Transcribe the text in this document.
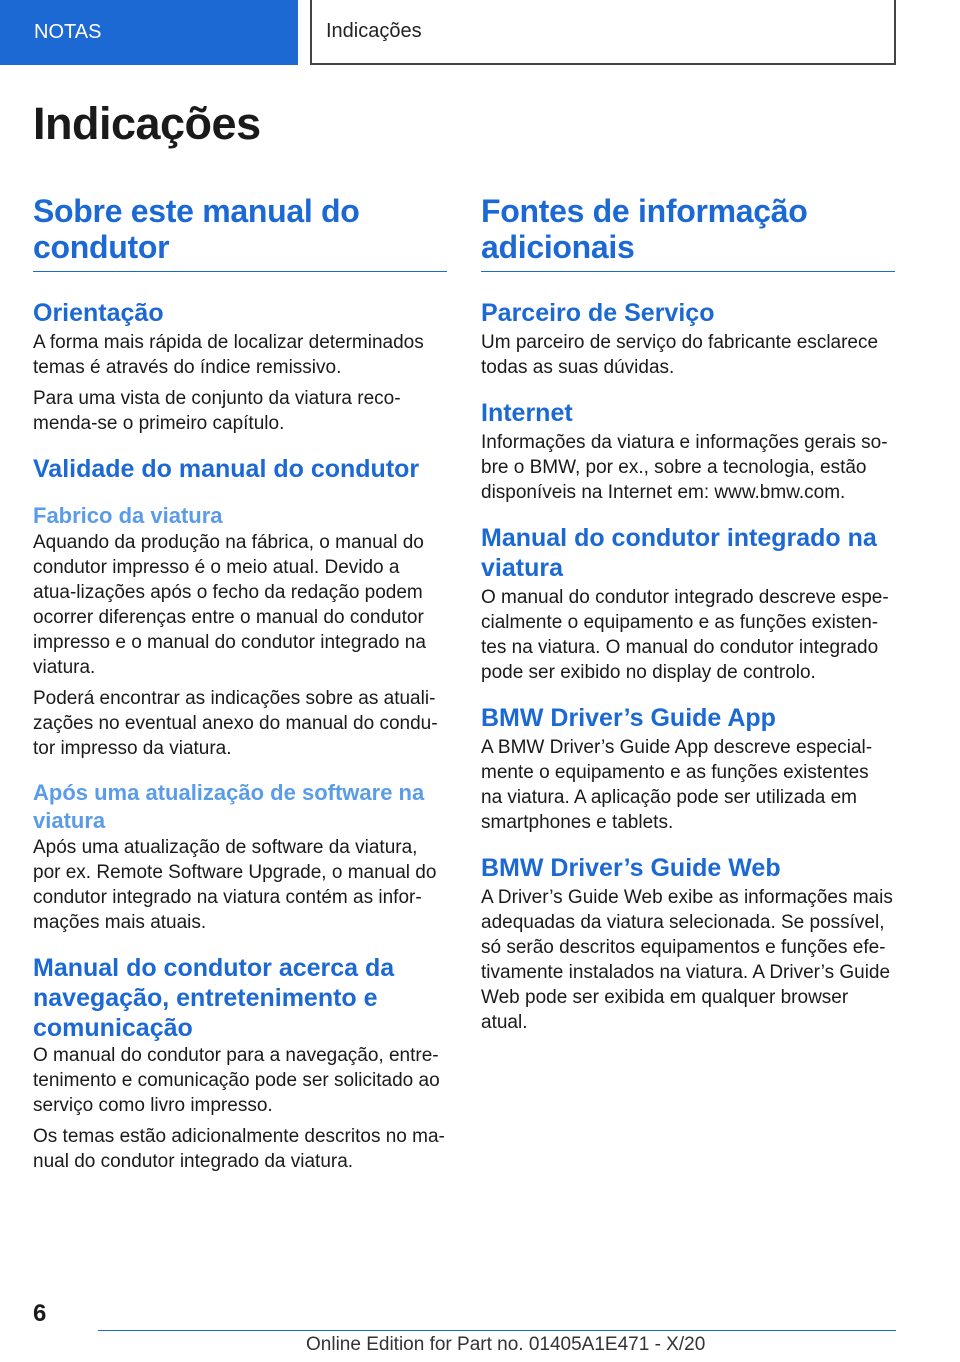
NOTAS	Indicações
Indicações
Sobre este manual do condutor
Orientação

A forma mais rápida de localizar determinados temas é através do índice remissivo.

Para uma vista de conjunto da viatura reco-menda-se o primeiro capítulo.

Validade do manual do condutor
Fabrico da viatura

Aquando da produção na fábrica, o manual do condutor impresso é o meio atual. Devido a atua-lizações após o fecho da redação podem ocorrer diferenças entre o manual do condutor impresso e o manual do condutor integrado na viatura.

Poderá encontrar as indicações sobre as atuali-zações no eventual anexo do manual do condu-tor impresso da viatura.

Após uma atualização de software na viatura

Após uma atualização de software da viatura, por ex. Remote Software Upgrade, o manual do condutor integrado na viatura contém as infor-mações mais atuais.

Manual do condutor acerca da navegação, entretenimento e comunicação

O manual do condutor para a navegação, entre-tenimento e comunicação pode ser solicitado ao serviço como livro impresso.

Os temas estão adicionalmente descritos no ma-nual do condutor integrado da viatura.

Fontes de informação adicionais
Parceiro de Serviço

Um parceiro de serviço do fabricante esclarece todas as suas dúvidas.

Internet

Informações da viatura e informações gerais so-bre o BMW, por ex., sobre a tecnologia, estão disponíveis na Internet em: www.bmw.com.

Manual do condutor integrado na viatura

O manual do condutor integrado descreve espe-cialmente o equipamento e as funções existen-tes na viatura. O manual do condutor integrado pode ser exibido no display de controlo.

BMW Driver’s Guide App

A BMW Driver’s Guide App descreve especial-mente o equipamento e as funções existentes na viatura. A aplicação pode ser utilizada em smartphones e tablets.

BMW Driver’s Guide Web

A Driver’s Guide Web exibe as informações mais adequadas da viatura selecionada. Se possível, só serão descritos equipamentos e funções efe-tivamente instalados na viatura. A Driver’s Guide Web pode ser exibida em qualquer browser atual.

6
Online Edition for Part no. 01405A1E471 - X/20
